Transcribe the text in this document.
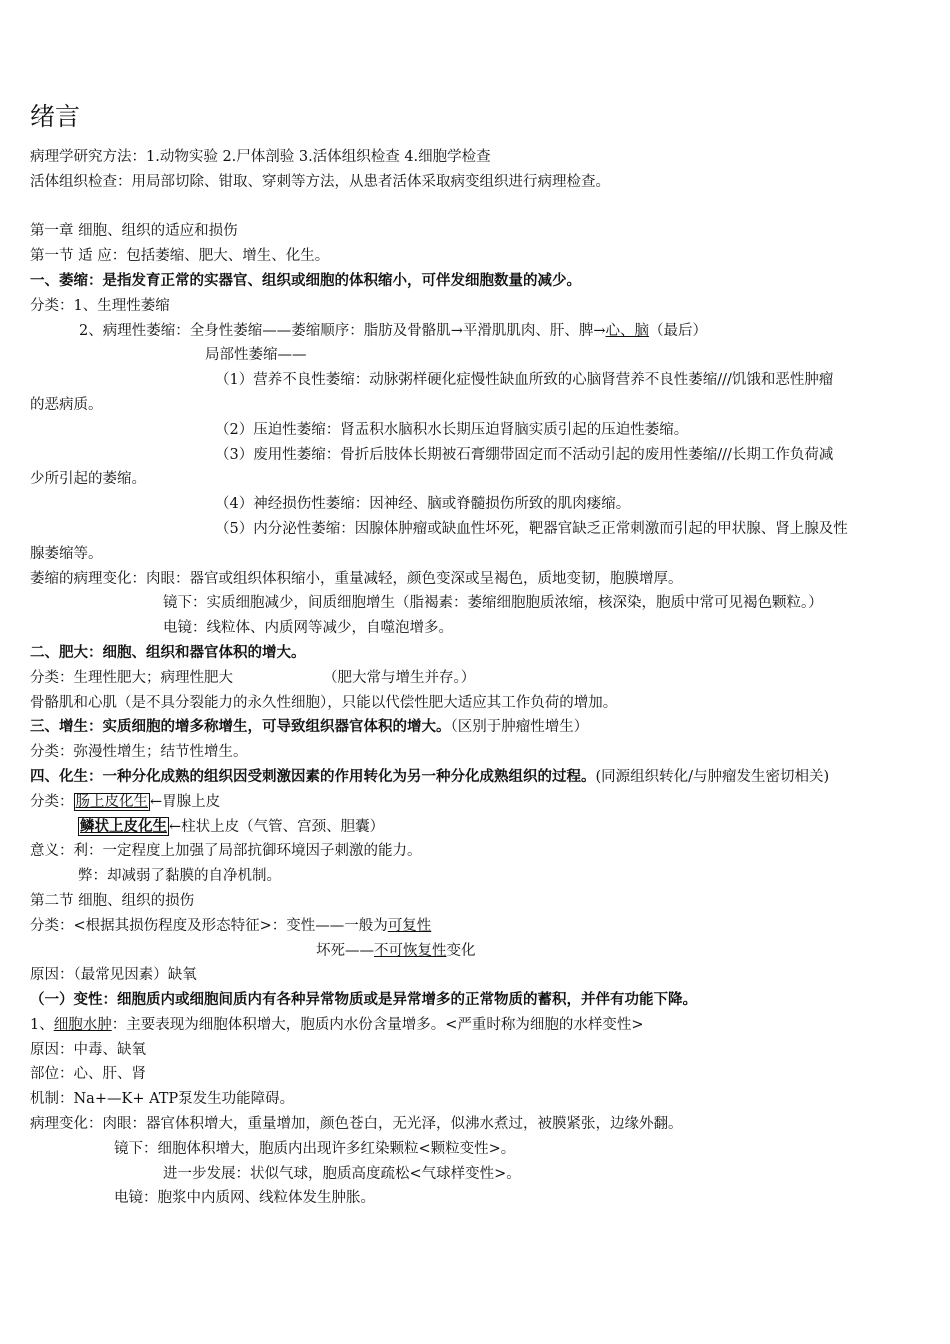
绪言
病理学研究方法：1.动物实验 2.尸体剖验 3.活体组织检查 4.细胞学检查
活体组织检查：用局部切除、钳取、穿刺等方法，从患者活体采取病变组织进行病理检查。
第一章 细胞、组织的适应和损伤
第一节 适 应：包括萎缩、肥大、增生、化生。
一、萎缩：是指发育正常的实器官、组织或细胞的体积缩小，可伴发细胞数量的减少。
分类：1、生理性萎缩
2、病理性萎缩：全身性萎缩——萎缩顺序：脂肪及骨骼肌→平滑肌肌肉、肝、脾→心、脑（最后）
局部性萎缩——
（1）营养不良性萎缩：动脉粥样硬化症慢性缺血所致的心脑肾营养不良性萎缩///饥饿和恶性肿瘤
的恶病质。
（2）压迫性萎缩：肾盂积水脑积水长期压迫肾脑实质引起的压迫性萎缩。
（3）废用性萎缩：骨折后肢体长期被石膏绷带固定而不活动引起的废用性萎缩///长期工作负荷减
少所引起的萎缩。
（4）神经损伤性萎缩：因神经、脑或脊髓损伤所致的肌肉瘘缩。
（5）内分泌性萎缩：因腺体肿瘤或缺血性坏死，靶器官缺乏正常刺激而引起的甲状腺、肾上腺及性
腺萎缩等。
萎缩的病理变化：肉眼：器官或组织体积缩小，重量减轻，颜色变深或呈褐色，质地变韧，胞膜增厚。
镜下：实质细胞减少，间质细胞增生（脂褐素：萎缩细胞胞质浓缩，核深染，胞质中常可见褐色颗粒。）
电镜：线粒体、内质网等减少，自噬泡增多。
二、肥大：细胞、组织和器官体积的增大。
分类：生理性肥大；病理性肥大	（肥大常与增生并存。）
骨骼肌和心肌（是不具分裂能力的永久性细胞），只能以代偿性肥大适应其工作负荷的增加。
三、增生：实质细胞的增多称增生，可导致组织器官体积的增大。（区别于肿瘤性增生）
分类：弥漫性增生；结节性增生。
四、化生：一种分化成熟的组织因受刺激因素的作用转化为另一种分化成熟组织的过程。(同源组织转化/与肿瘤发生密切相关)
分类： 肠上皮化生 ←胃腺上皮
鳞状上皮化生 ←柱状上皮（气管、宫颈、胆囊）
意义：利：一定程度上加强了局部抗御环境因子刺激的能力。
弊：却减弱了黏膜的自净机制。
第二节 细胞、组织的损伤
分类：<根据其损伤程度及形态特征>：变性——一般为可复性
坏死——不可恢复性变化
原因：（最常见因素）缺氧
（一）变性：细胞质内或细胞间质内有各种异常物质或是异常增多的正常物质的蓄积，并伴有功能下降。
1、细胞水肿：主要表现为细胞体积增大，胞质内水份含量增多。<严重时称为细胞的水样变性>
原因：中毒、缺氧
部位：心、肝、肾
机制：Na+—K+ ATP泵发生功能障碍。
病理变化：肉眼：器官体积增大，重量增加，颜色苍白，无光泽，似沸水煮过，被膜紧张，边缘外翻。
镜下：细胞体积增大，胞质内出现许多红染颗粒<颗粒变性>。
进一步发展：状似气球，胞质高度疏松<气球样变性>。
电镜：胞浆中内质网、线粒体发生肿胀。
